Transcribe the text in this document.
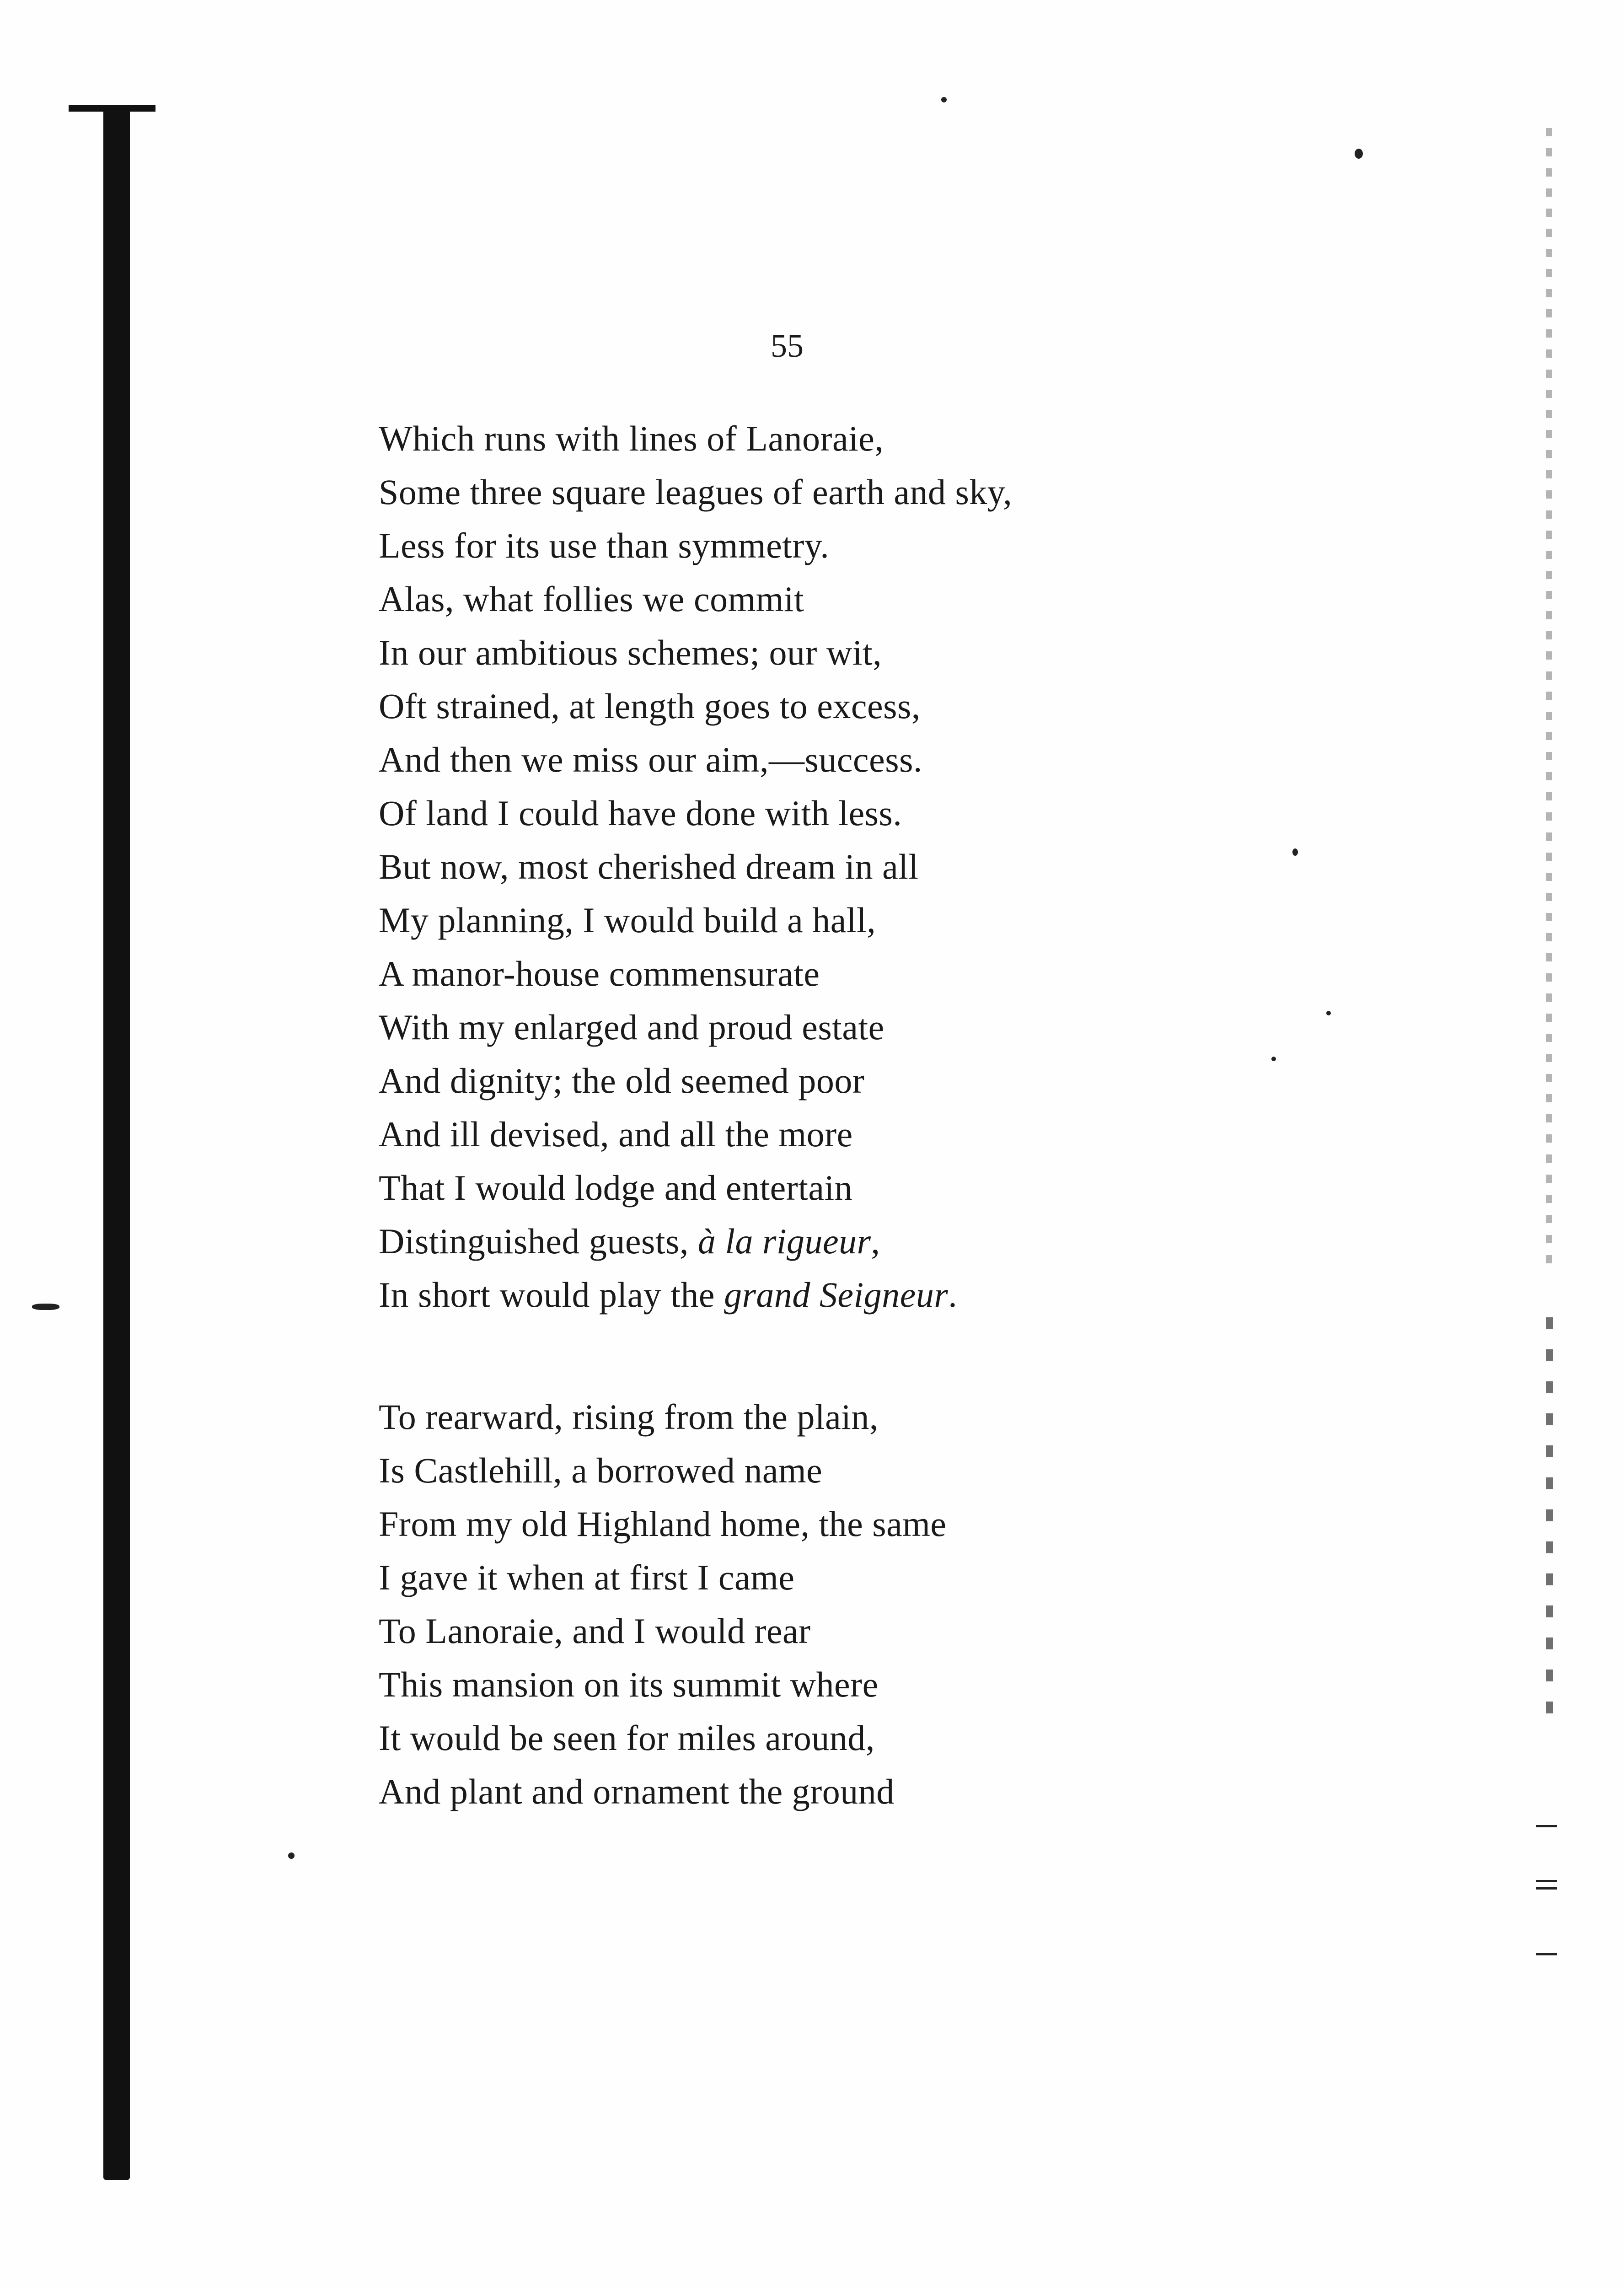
55
Which runs with lines of Lanoraie,
Some three square leagues of earth and sky,
Less for its use than symmetry.
Alas, what follies we commit
In our ambitious schemes; our wit,
Oft strained, at length goes to excess,
And then we miss our aim,—success.
Of land I could have done with less.
But now, most cherished dream in all
My planning, I would build a hall,
A manor-house commensurate
With my enlarged and proud estate
And dignity; the old seemed poor
And ill devised, and all the more
That I would lodge and entertain
Distinguished guests, à la rigueur,
In short would play the grand Seigneur.
To rearward, rising from the plain,
Is Castlehill, a borrowed name
From my old Highland home, the same
I gave it when at first I came
To Lanoraie, and I would rear
This mansion on its summit where
It would be seen for miles around,
And plant and ornament the ground
